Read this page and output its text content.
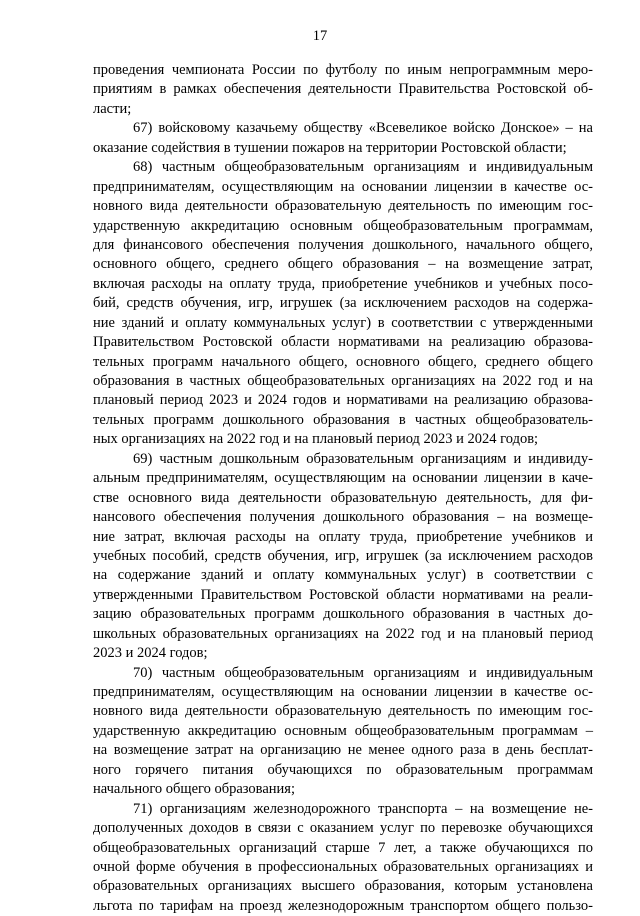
17
проведения чемпионата России по футболу по иным непрограммным меро-
приятиям в рамках обеспечения деятельности Правительства Ростовской об-
ласти;
67) войсковому казачьему обществу «Всевеликое войско Донское» – на
оказание содействия в тушении пожаров на территории Ростовской области;
68) частным общеобразовательным организациям и индивидуальным
предпринимателям, осуществляющим на основании лицензии в качестве ос-
новного вида деятельности образовательную деятельность по имеющим гос-
ударственную аккредитацию основным общеобразовательным программам,
для финансового обеспечения получения дошкольного, начального общего,
основного общего, среднего общего образования – на возмещение затрат,
включая расходы на оплату труда, приобретение учебников и учебных посо-
бий, средств обучения, игр, игрушек (за исключением расходов на содержа-
ние зданий и оплату коммунальных услуг) в соответствии с утвержденными
Правительством Ростовской области нормативами на реализацию образова-
тельных программ начального общего, основного общего, среднего общего
образования в частных общеобразовательных организациях на 2022 год и на
плановый период 2023 и 2024 годов и нормативами на реализацию образова-
тельных программ дошкольного образования в частных общеобразователь-
ных организациях на 2022 год и на плановый период 2023 и 2024 годов;
69) частным дошкольным образовательным организациям и индивиду-
альным предпринимателям, осуществляющим на основании лицензии в каче-
стве основного вида деятельности образовательную деятельность, для фи-
нансового обеспечения получения дошкольного образования – на возмеще-
ние затрат, включая расходы на оплату труда, приобретение учебников и
учебных пособий, средств обучения, игр, игрушек (за исключением расходов
на содержание зданий и оплату коммунальных услуг) в соответствии с
утвержденными Правительством Ростовской области нормативами на реали-
зацию образовательных программ дошкольного образования в частных до-
школьных образовательных организациях на 2022 год и на плановый период
2023 и 2024 годов;
70) частным общеобразовательным организациям и индивидуальным
предпринимателям, осуществляющим на основании лицензии в качестве ос-
новного вида деятельности образовательную деятельность по имеющим гос-
ударственную аккредитацию основным общеобразовательным программам –
на возмещение затрат на организацию не менее одного раза в день бесплат-
ного горячего питания обучающихся по образовательным программам
начального общего образования;
71) организациям железнодорожного транспорта – на возмещение не-
дополученных доходов в связи с оказанием услуг по перевозке обучающихся
общеобразовательных организаций старше 7 лет, а также обучающихся по
очной форме обучения в профессиональных образовательных организациях и
образовательных организациях высшего образования, которым установлена
льгота по тарифам на проезд железнодорожным транспортом общего пользо-
